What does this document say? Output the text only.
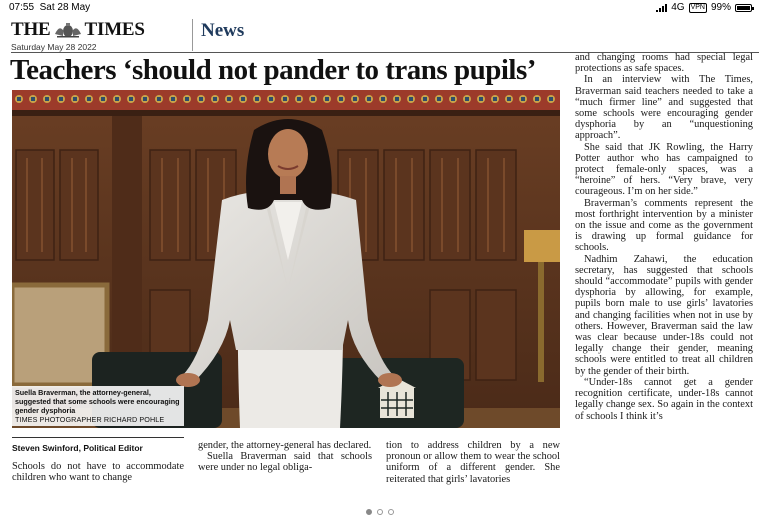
07:55 Sat 28 May	4G VPN 99%
THE TIMES
Saturday May 28 2022
News
Teachers ‘should not pander to trans pupils’
Suella Braverman, the attorney-general, suggested that some schools were encouraging gender dysphoria
TIMES PHOTOGRAPHER RICHARD POHLE
Steven Swinford, Political Editor

Schools do not have to accommodate children who want to change

gender, the attorney-general has declared.

Suella Braverman said that schools were under no legal obliga-

tion to address children by a new pronoun or allow them to wear the school uniform of a different gender. She reiterated that girls’ lavatories

and changing rooms had special legal protections as safe spaces.

In an interview with The Times, Braverman said teachers needed to take a “much firmer line” and suggested that some schools were encouraging gender dysphoria by an “unquestioning approach”.

She said that JK Rowling, the Harry Potter author who has campaigned to protect female-only spaces, was a “heroine” of hers. “Very brave, very courageous. I’m on her side.”

Braverman’s comments represent the most forthright intervention by a minister on the issue and come as the government is drawing up formal guidance for schools.

Nadhim Zahawi, the education secretary, has suggested that schools should “accommodate” pupils with gender dysphoria by allowing, for example, pupils born male to use girls’ lavatories and changing facilities when not in use by others. However, Braverman said the law was clear because under-18s could not legally change their gender, meaning schools were entitled to treat all children by the gender of their birth.

“Under-18s cannot get a gender recognition certificate, under-18s cannot legally change sex. So again in the context of schools I think it’s
